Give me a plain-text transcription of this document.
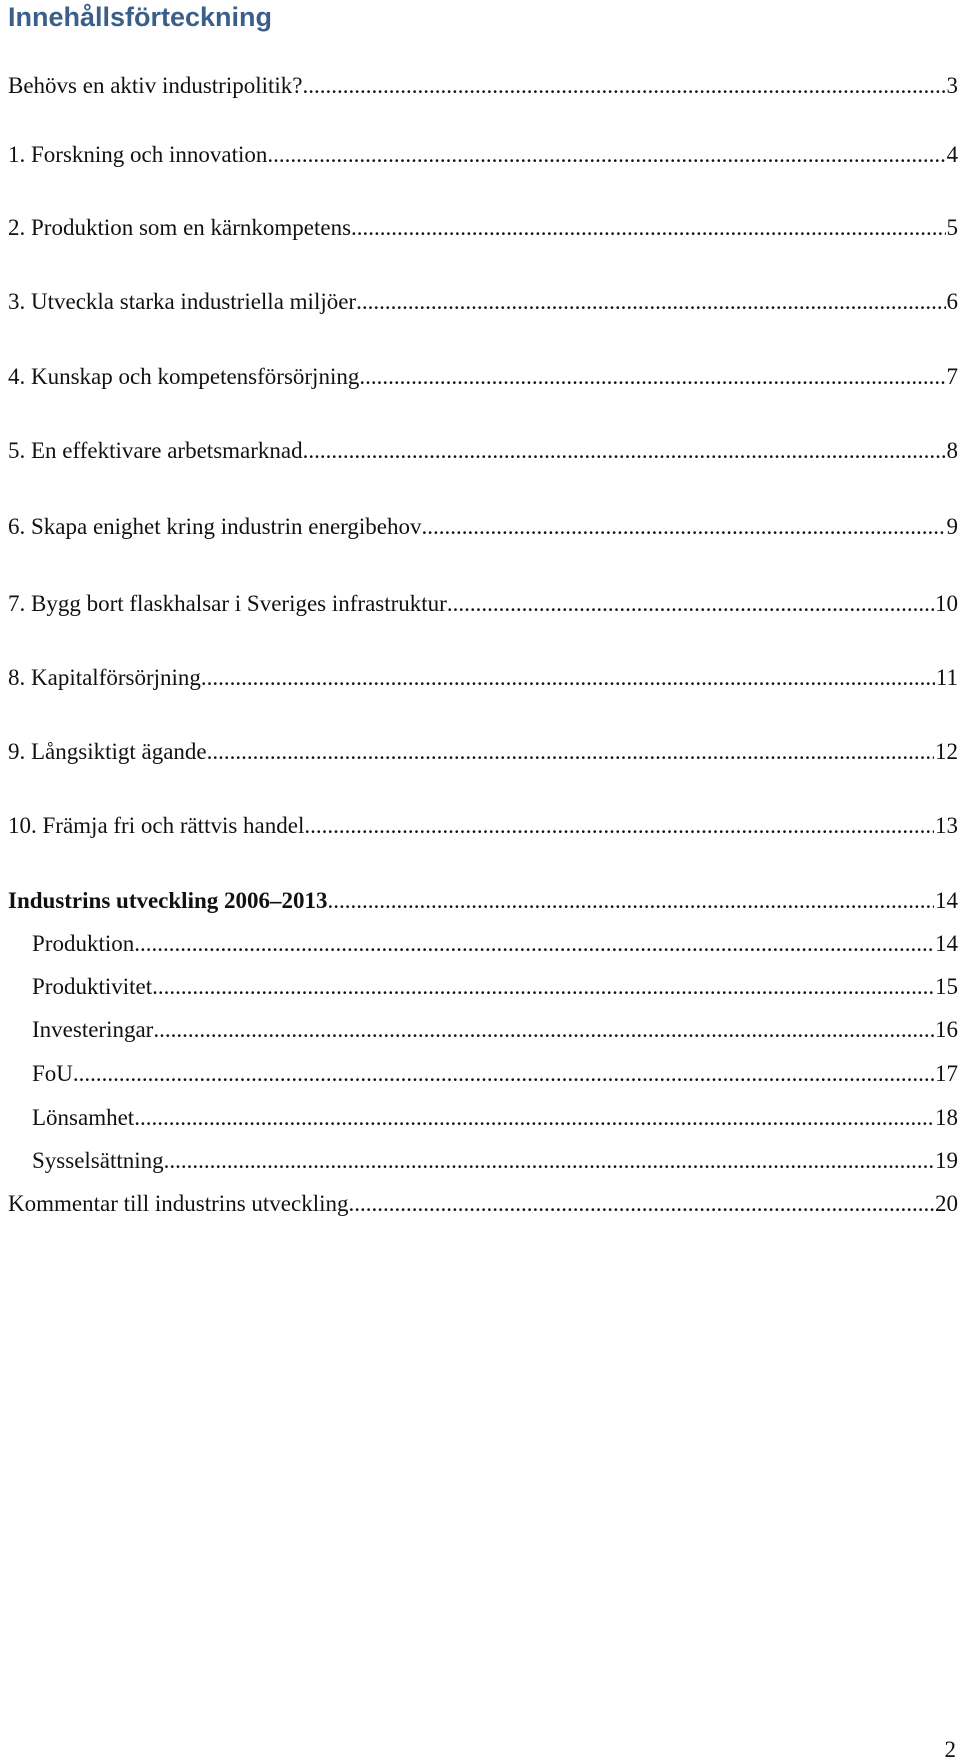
Innehållsförteckning
Behövs en aktiv industripolitik? .....	3
1. Forskning och innovation .....	4
2. Produktion som en kärnkompetens .....	5
3. Utveckla starka industriella miljöer .....	6
4. Kunskap och kompetensförsörjning .....	7
5. En effektivare arbetsmarknad .....	8
6. Skapa enighet kring industrin energibehov .....	9
7. Bygg bort flaskhalsar i Sveriges infrastruktur .....	10
8. Kapitalförsörjning .....	11
9. Långsiktigt ägande .....	12
10. Främja fri och rättvis handel .....	13
Industrins utveckling 2006–2013 .....	14
Produktion .....	14
Produktivitet .....	15
Investeringar .....	16
FoU .....	17
Lönsamhet .....	18
Sysselsättning .....	19
Kommentar till industrins utveckling .....	20
2
